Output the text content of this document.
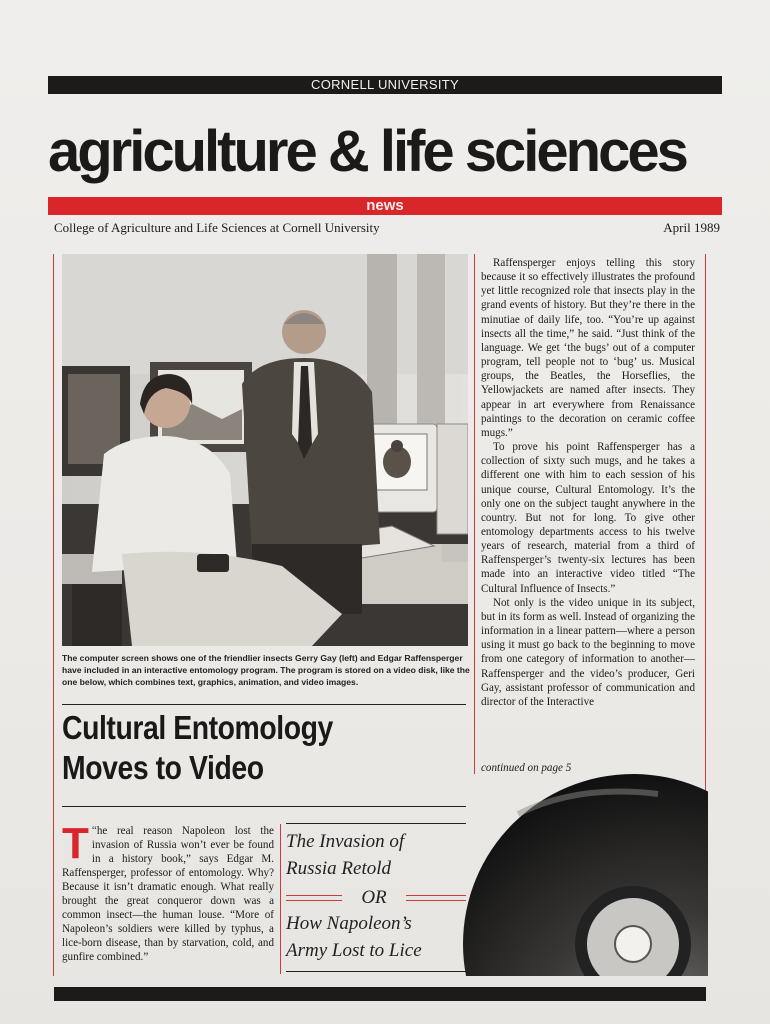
CORNELL UNIVERSITY
agriculture & life sciences
news
College of Agriculture and Life Sciences at Cornell University	April 1989
The computer screen shows one of the friendlier insects Gerry Gay (left) and Edgar Raffensperger have included in an interactive entomology program. The program is stored on a video disk, like the one below, which combines text, graphics, animation, and video images.
Cultural Entomology
Moves to Video
“
T he real reason Napoleon lost the invasion of Russia won’t ever be found in a history book,” says Edgar M. Raffensperger, professor of entomology. Why? Because it isn’t dramatic enough. What really brought the great conqueror down was a common insect—the human louse. “More of Napoleon’s soldiers were killed by typhus, a lice-born disease, than by starvation, cold, and gunfire combined.”
The Invasion of
Russia Retold
OR
How Napoleon’s
Army Lost to Lice

Raffensperger enjoys telling this story because it so effectively illustrates the profound yet little recognized role that insects play in the grand events of history. But they’re there in the minutiae of daily life, too. “You’re up against insects all the time,” he said. “Just think of the language. We get ‘the bugs’ out of a computer program, tell people not to ‘bug’ us. Musical groups, the Beatles, the Horseflies, the Yellowjackets are named after insects. They appear in art everywhere from Renaissance paintings to the decoration on ceramic coffee mugs.”

To prove his point Raffensperger has a collection of sixty such mugs, and he takes a different one with him to each session of his unique course, Cultural Entomology. It’s the only one on the subject taught anywhere in the country. But not for long. To give other entomology departments access to his twelve years of research, material from a third of Raffensperger’s twenty-six lectures has been made into an interactive video titled “The Cultural Influence of Insects.”

Not only is the video unique in its subject, but in its form as well. Instead of organizing the information in a linear pattern—where a person using it must go back to the beginning to move from one category of information to another—Raffensperger and the video’s producer, Geri Gay, assistant professor of communication and director of the Interactive

continued on page 5
